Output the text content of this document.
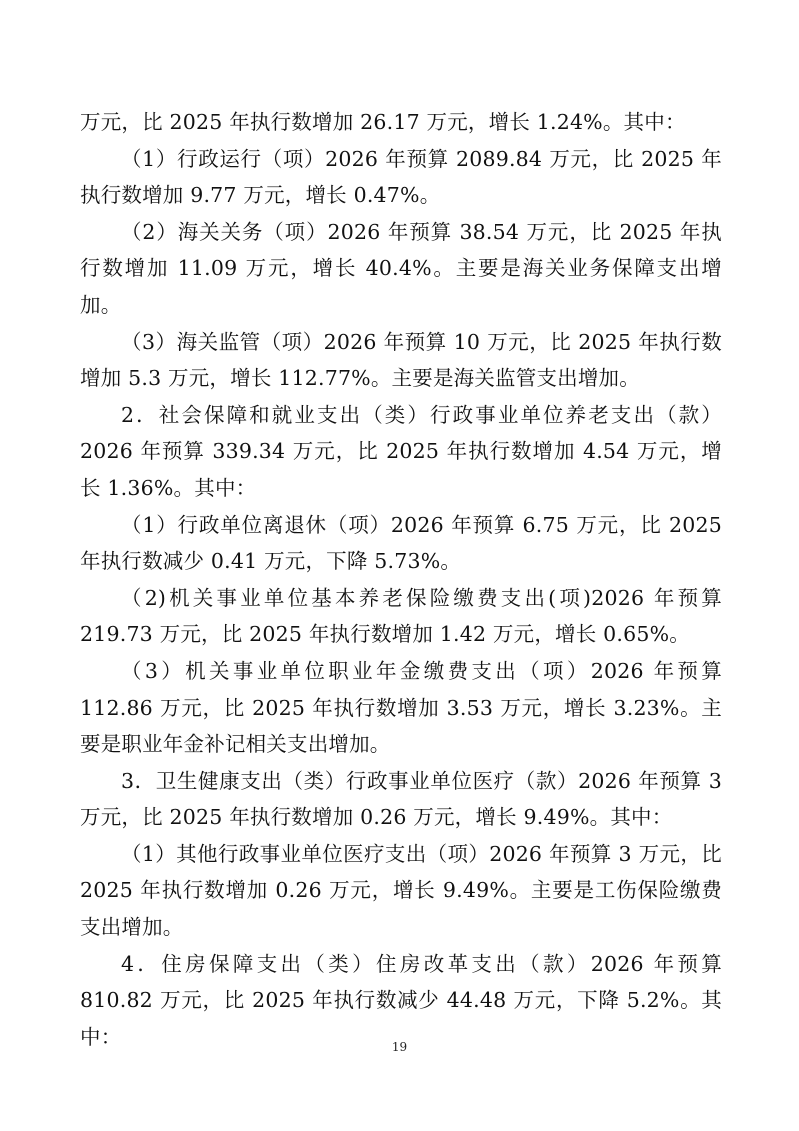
万元，比 2025 年执行数增加 26.17 万元，增长 1.24%。其中：

（1）行政运行（项）2026 年预算 2089.84 万元，比 2025 年执行数增加 9.77 万元，增长 0.47%。

（2）海关关务（项）2026 年预算 38.54 万元，比 2025 年执行数增加 11.09 万元，增长 40.4%。主要是海关业务保障支出增加。

（3）海关监管（项）2026 年预算 10 万元，比 2025 年执行数增加 5.3 万元，增长 112.77%。主要是海关监管支出增加。

2．社会保障和就业支出（类）行政事业单位养老支出（款）2026 年预算 339.34 万元，比 2025 年执行数增加 4.54 万元，增长 1.36%。其中：

（1）行政单位离退休（项）2026 年预算 6.75 万元，比 2025 年执行数减少 0.41 万元，下降 5.73%。

（2)机关事业单位基本养老保险缴费支出(项)2026 年预算 219.73 万元，比 2025 年执行数增加 1.42 万元，增长 0.65%。

（3）机关事业单位职业年金缴费支出（项）2026 年预算 112.86 万元，比 2025 年执行数增加 3.53 万元，增长 3.23%。主要是职业年金补记相关支出增加。

3．卫生健康支出（类）行政事业单位医疗（款）2026 年预算 3 万元，比 2025 年执行数增加 0.26 万元，增长 9.49%。其中：

（1）其他行政事业单位医疗支出（项）2026 年预算 3 万元，比 2025 年执行数增加 0.26 万元，增长 9.49%。主要是工伤保险缴费支出增加。

4．住房保障支出（类）住房改革支出（款）2026 年预算 810.82 万元，比 2025 年执行数减少 44.48 万元，下降 5.2%。其中：	19
